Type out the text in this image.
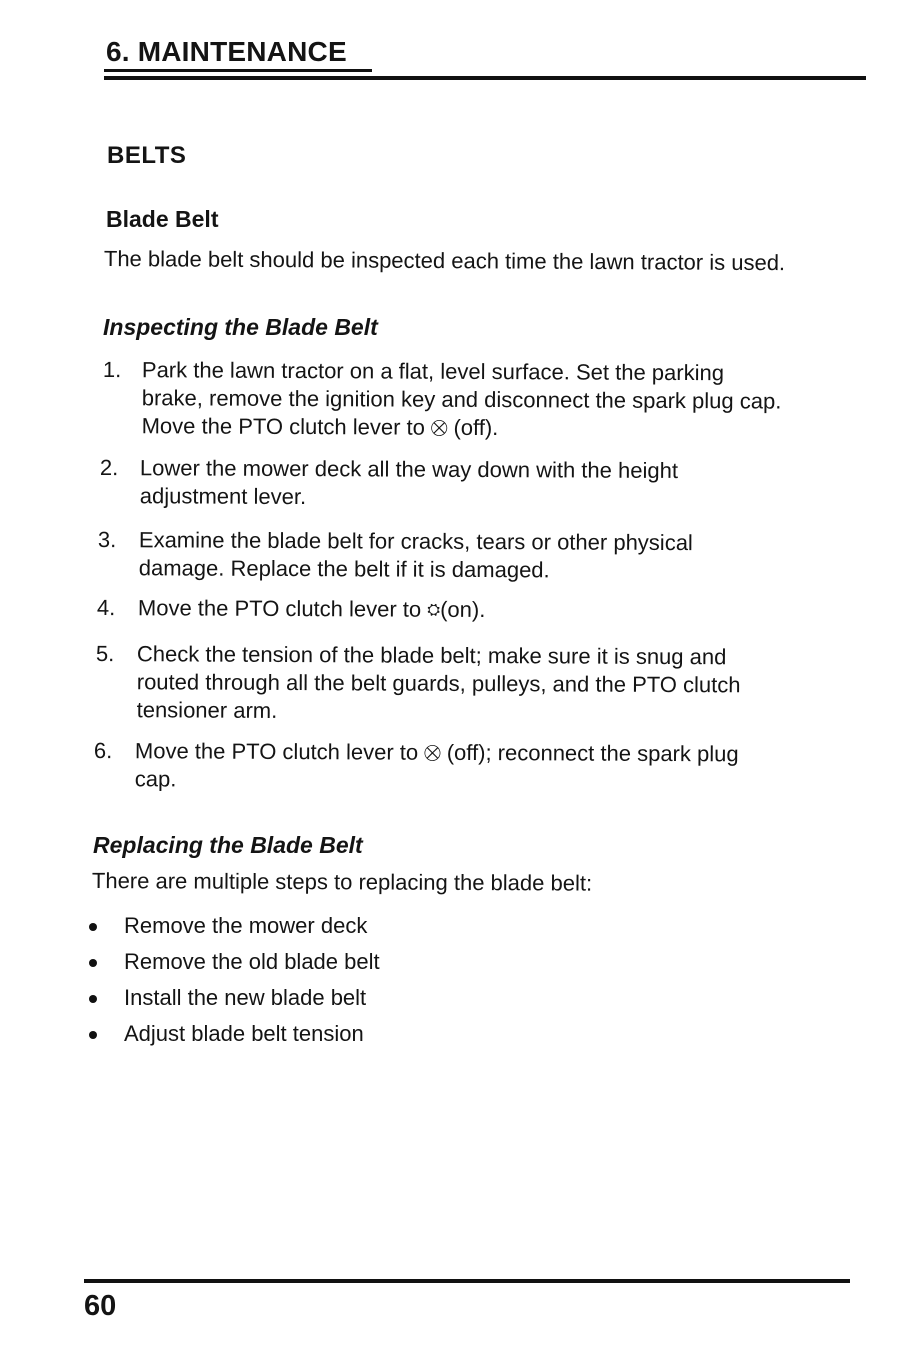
6. MAINTENANCE
BELTS
Blade Belt
The blade belt should be inspected each time the lawn tractor is used.
Inspecting the Blade Belt
1. Park the lawn tractor on a flat, level surface. Set the parking
brake, remove the ignition key and disconnect the spark plug cap.
Move the PTO clutch lever to ⛒ (off).
2. Lower the mower deck all the way down with the height
adjustment lever.
3. Examine the blade belt for cracks, tears or other physical
damage. Replace the belt if it is damaged.
4. Move the PTO clutch lever to ⛭(on).
5. Check the tension of the blade belt; make sure it is snug and
routed through all the belt guards, pulleys, and the PTO clutch
tensioner arm.
6. Move the PTO clutch lever to ⛒ (off); reconnect the spark plug
cap.
Replacing the Blade Belt
There are multiple steps to replacing the blade belt:
Remove the mower deck
Remove the old blade belt
Install the new blade belt
Adjust blade belt tension
60
